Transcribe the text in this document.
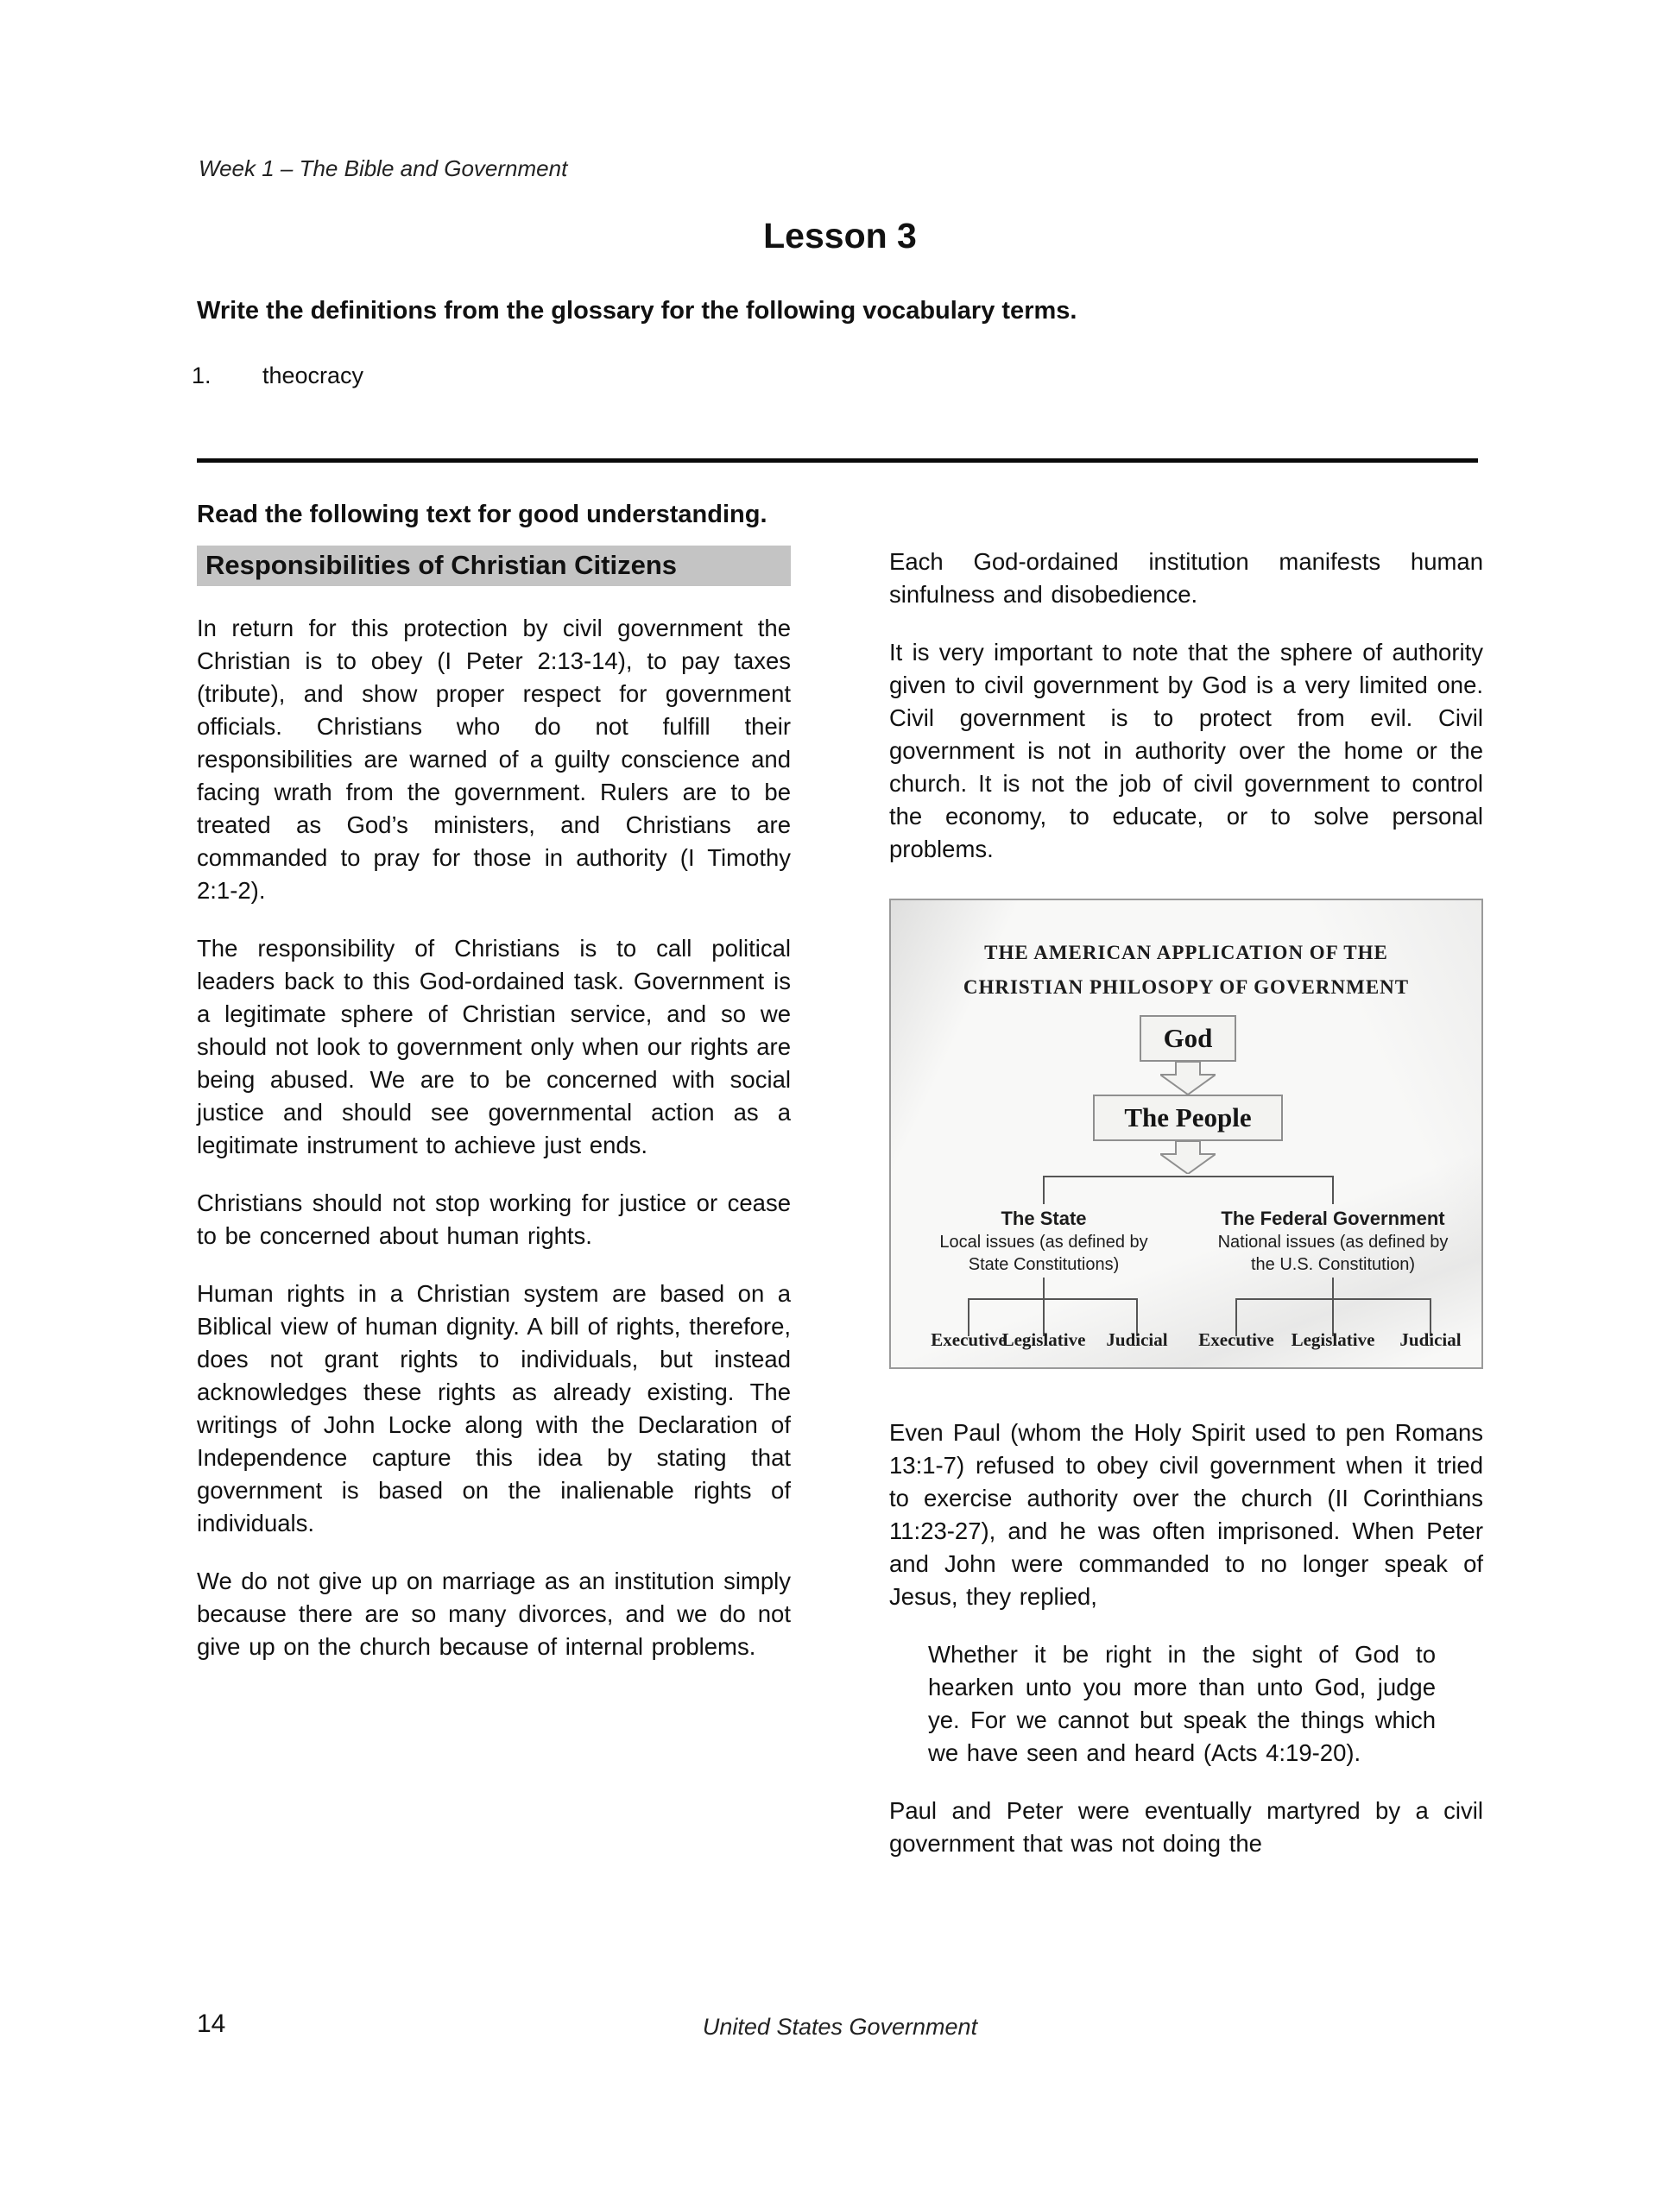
Week 1 – The Bible and Government
Lesson 3
Write the definitions from the glossary for the following vocabulary terms.
1. theocracy
Read the following text for good understanding.
Responsibilities of Christian Citizens

In return for this protection by civil government the Christian is to obey (I Peter 2:13-14), to pay taxes (tribute), and show proper respect for government officials. Christians who do not fulfill their responsibilities are warned of a guilty conscience and facing wrath from the government. Rulers are to be treated as God’s ministers, and Christians are commanded to pray for those in authority (I Timothy 2:1-2).

The responsibility of Christians is to call political leaders back to this God-ordained task. Government is a legitimate sphere of Christian service, and so we should not look to government only when our rights are being abused. We are to be concerned with social justice and should see governmental action as a legitimate instrument to achieve just ends.

Christians should not stop working for justice or cease to be concerned about human rights.

Human rights in a Christian system are based on a Biblical view of human dignity. A bill of rights, therefore, does not grant rights to individuals, but instead acknowledges these rights as already existing. The writings of John Locke along with the Declaration of Independence capture this idea by stating that government is based on the inalienable rights of individuals.

We do not give up on marriage as an institution simply because there are so many divorces, and we do not give up on the church because of internal problems.

Each God-ordained institution manifests human sinfulness and disobedience.

It is very important to note that the sphere of authority given to civil government by God is a very limited one. Civil government is to protect from evil. Civil government is not in authority over the home or the church. It is not the job of civil government to control the economy, to educate, or to solve personal problems.

THE AMERICAN APPLICATION OF THE
CHRISTIAN PHILOSOPY OF GOVERNMENT
God
The People
The State
Local issues (as defined by State Constitutions)
The Federal Government
National issues (as defined by the U.S. Constitution)
Executive
Legislative	Judicial	Executive Legislative	Judicial

Even Paul (whom the Holy Spirit used to pen Romans 13:1-7) refused to obey civil government when it tried to exercise authority over the church (II Corinthians 11:23-27), and he was often imprisoned. When Peter and John were commanded to no longer speak of Jesus, they replied,

Whether it be right in the sight of God to hearken unto you more than unto God, judge ye. For we cannot but speak the things which we have seen and heard (Acts 4:19-20).

Paul and Peter were eventually martyred by a civil government that was not doing the

14	United States Government
